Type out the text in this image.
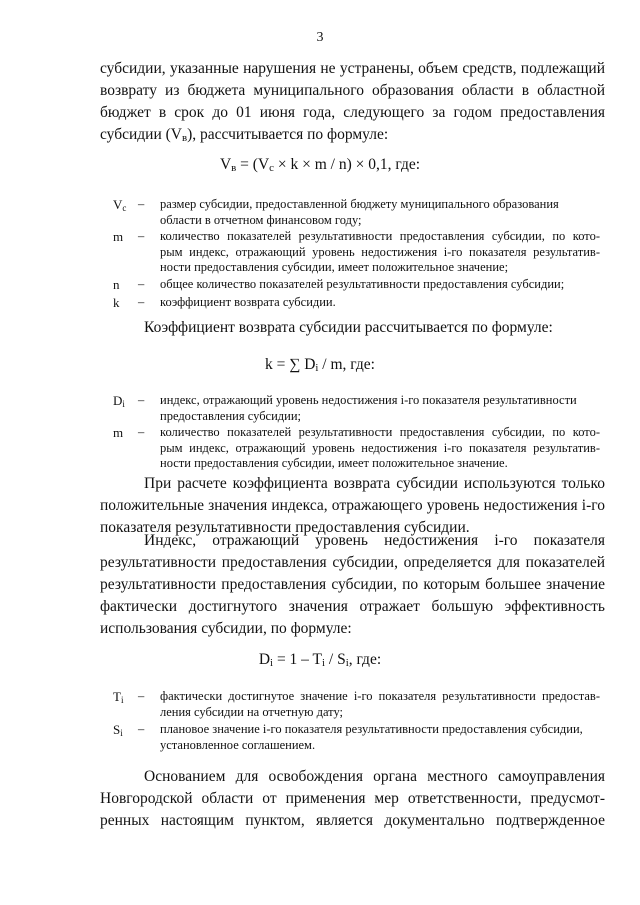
3
субсидии, указанные нарушения не устранены, объем средств, подлежащий
возврату из бюджета муниципального образования области в областной
бюджет в срок до 01 июня года, следующего за годом предоставления
субсидии $(V_в)$, рассчитывается по формуле:
$V_в = (V_с \times k \times m / n) \times 0,1$, где:
$V_с$ –	размер субсидии, предоставленной бюджету муниципального образования
области в отчетном финансовом году;
m	–	количество показателей результативности предоставления субсидии, по кото-
рым индекс, отражающий уровень недостижения i-го показателя результатив-
ности предоставления субсидии, имеет положительное значение;
n	–	общее количество показателей результативности предоставления субсидии;
k	–	коэффициент возврата субсидии.
Коэффициент возврата субсидии рассчитывается по формуле:
k = ∑ $D_i$ / m, где:
$D_i$	–	индекс, отражающий уровень недостижения i-го показателя результативности
предоставления субсидии;
m	–	количество показателей результативности предоставления субсидии, по кото-
рым индекс, отражающий уровень недостижения i-го показателя результатив-
ности предоставления субсидии, имеет положительное значение.
При расчете коэффициента возврата субсидии используются только
положительные значения индекса, отражающего уровень недостижения i-го
показателя результативности предоставления субсидии.
Индекс, отражающий уровень недостижения i-го показателя
результативности предоставления субсидии, определяется для показателей
результативности предоставления субсидии, по которым большее значение
фактически достигнутого значения отражает большую эффективность
использования субсидии, по формуле:
$D_i = 1 - T_i / S_i$, где:
$T_i$	–	фактически достигнутое значение i-го показателя результативности предостав-
ления субсидии на отчетную дату;
$S_i$	–	плановое значение i-го показателя результативности предоставления субсидии,
установленное соглашением.
Основанием для освобождения органа местного самоуправления
Новгородской области от применения мер ответственности, предусмот-
ренных настоящим пунктом, является документально подтвержденное
